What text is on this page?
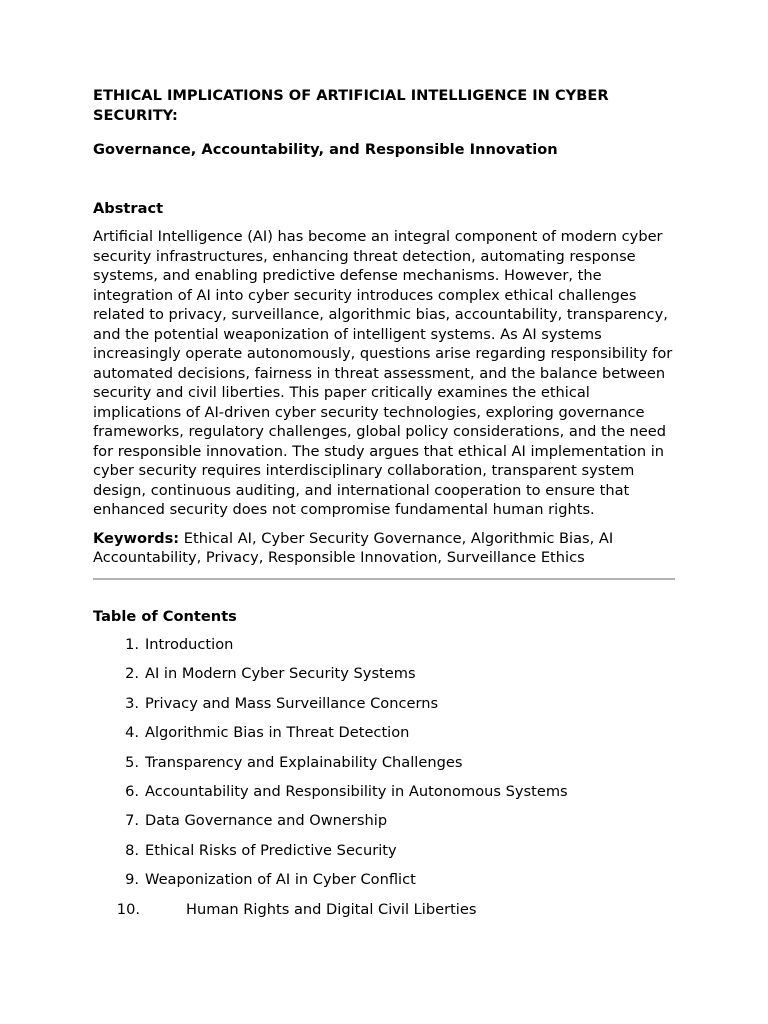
ETHICAL IMPLICATIONS OF ARTIFICIAL INTELLIGENCE IN CYBER SECURITY:
Governance, Accountability, and Responsible Innovation
Abstract

Artificial Intelligence (AI) has become an integral component of modern cyber security infrastructures, enhancing threat detection, automating response systems, and enabling predictive defense mechanisms. However, the integration of AI into cyber security introduces complex ethical challenges related to privacy, surveillance, algorithmic bias, accountability, transparency, and the potential weaponization of intelligent systems. As AI systems increasingly operate autonomously, questions arise regarding responsibility for automated decisions, fairness in threat assessment, and the balance between security and civil liberties. This paper critically examines the ethical implications of AI-driven cyber security technologies, exploring governance frameworks, regulatory challenges, global policy considerations, and the need for responsible innovation. The study argues that ethical AI implementation in cyber security requires interdisciplinary collaboration, transparent system design, continuous auditing, and international cooperation to ensure that enhanced security does not compromise fundamental human rights.

Keywords: Ethical AI, Cyber Security Governance, Algorithmic Bias, AI Accountability, Privacy, Responsible Innovation, Surveillance Ethics

Table of Contents
1. Introduction
2. AI in Modern Cyber Security Systems
3. Privacy and Mass Surveillance Concerns
4. Algorithmic Bias in Threat Detection
5. Transparency and Explainability Challenges
6. Accountability and Responsibility in Autonomous Systems
7. Data Governance and Ownership
8. Ethical Risks of Predictive Security
9. Weaponization of AI in Cyber Conflict
10.	Human Rights and Digital Civil Liberties
